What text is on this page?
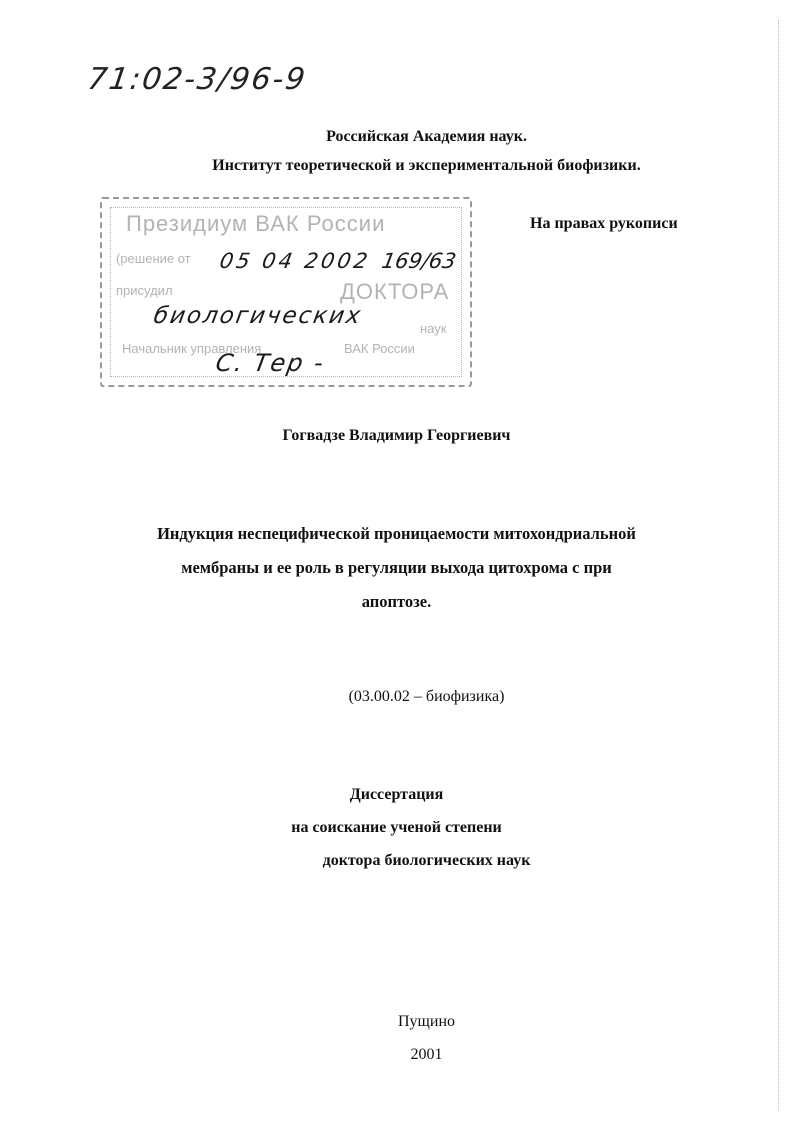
71:02-3/96-9
Российская Академия наук.
Институт теоретической и экспериментальной биофизики.
На правах рукописи
Президиум ВАК России
(решение от
присудил	ДОКТОРА
наук
Начальник управления	ВАК России
05 04 2002 169/63
биологических
С. Тер -
Гогвадзе Владимир Георгиевич
Индукция неспецифической проницаемости митохондриальной
мембраны и ее роль в регуляции выхода цитохрома с при
апоптозе.
(03.00.02 – биофизика)
Диссертация
на соискание ученой степени
доктора биологических наук
Пущино
2001
